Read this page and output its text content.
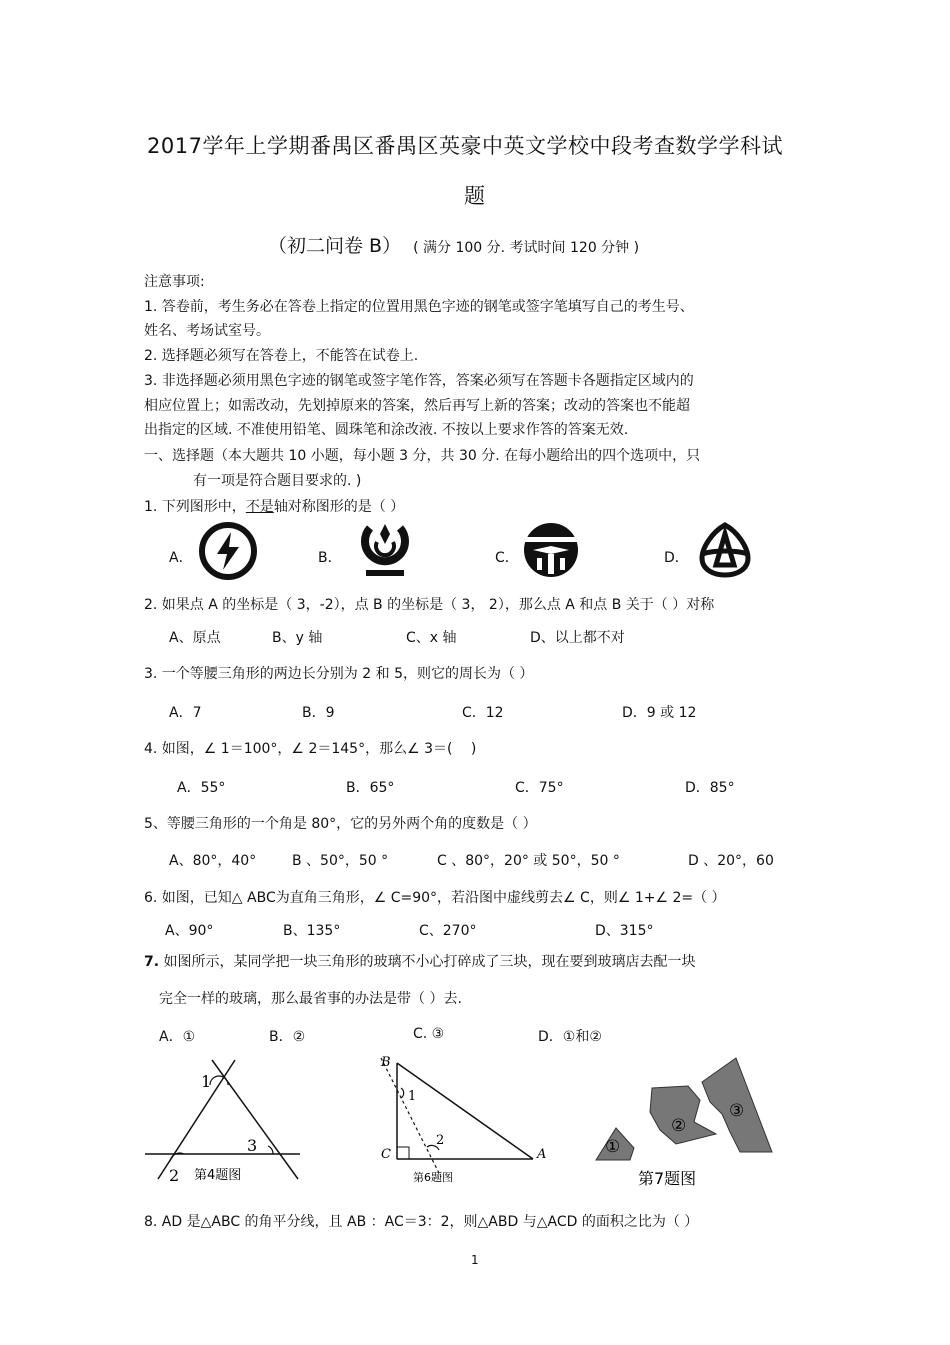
2017学年上学期番禺区番禺区英豪中英文学校中段考查数学学科试
题
（初二问卷 B） ( 满分 100 分. 考试时间 120 分钟 )
注意事项:
1. 答卷前，考生务必在答卷上指定的位置用黑色字迹的钢笔或签字笔填写自己的考生号、
姓名、考场试室号。
2. 选择题必须写在答卷上，不能答在试卷上.
3. 非选择题必须用黑色字迹的钢笔或签字笔作答，答案必须写在答题卡各题指定区域内的
相应位置上；如需改动，先划掉原来的答案，然后再写上新的答案；改动的答案也不能超
出指定的区域. 不准使用铅笔、圆珠笔和涂改液. 不按以上要求作答的答案无效.
一、选择题（本大题共 10 小题，每小题 3 分，共 30 分. 在每小题给出的四个选项中，只
有一项是符合题目要求的. )
1. 下列图形中，不是轴对称图形的是（ ）
A．	B．	C．	D．
2. 如果点 A 的坐标是（ 3，-2），点 B 的坐标是（ 3， 2），那么点 A 和点 B 关于（ ）对称
A、原点	B、y 轴	C、x 轴	D、以上都不对
3. 一个等腰三角形的两边长分别为 2 和 5，则它的周长为（ ）
A．7	B．9	C．12	D．9 或 12
4. 如图，∠ 1＝100°，∠ 2＝145°，那么∠ 3＝(　 )
A．55°	B．65°	C．75°	D．85°
5、等腰三角形的一个角是 80°，它的另外两个角的度数是（ ）
A、80°，40°	B 、50°，50 °	C 、80°，20° 或 50°，50 °	D 、20°，60
6. 如图，已知△ ABC为直角三角形，∠ C=90°，若沿图中虚线剪去∠ C，则∠ 1+∠ 2=（ ）
A、90°	B、135°	C、270°	D、315°
7. 如图所示，某同学把一块三角形的玻璃不小心打碎成了三块，现在要到玻璃店去配一块
完全一样的玻璃，那么最省事的办法是带（ ）去.
A．①	B．②	C. ③	D．①和②
1
2
3
第4题图
B
C	A
1
2
第6题图
①
②
③
第7题图
8. AD 是△ABC 的角平分线，且 AB ：AC＝3：2，则△ABD 与△ACD 的面积之比为（ ）
1
